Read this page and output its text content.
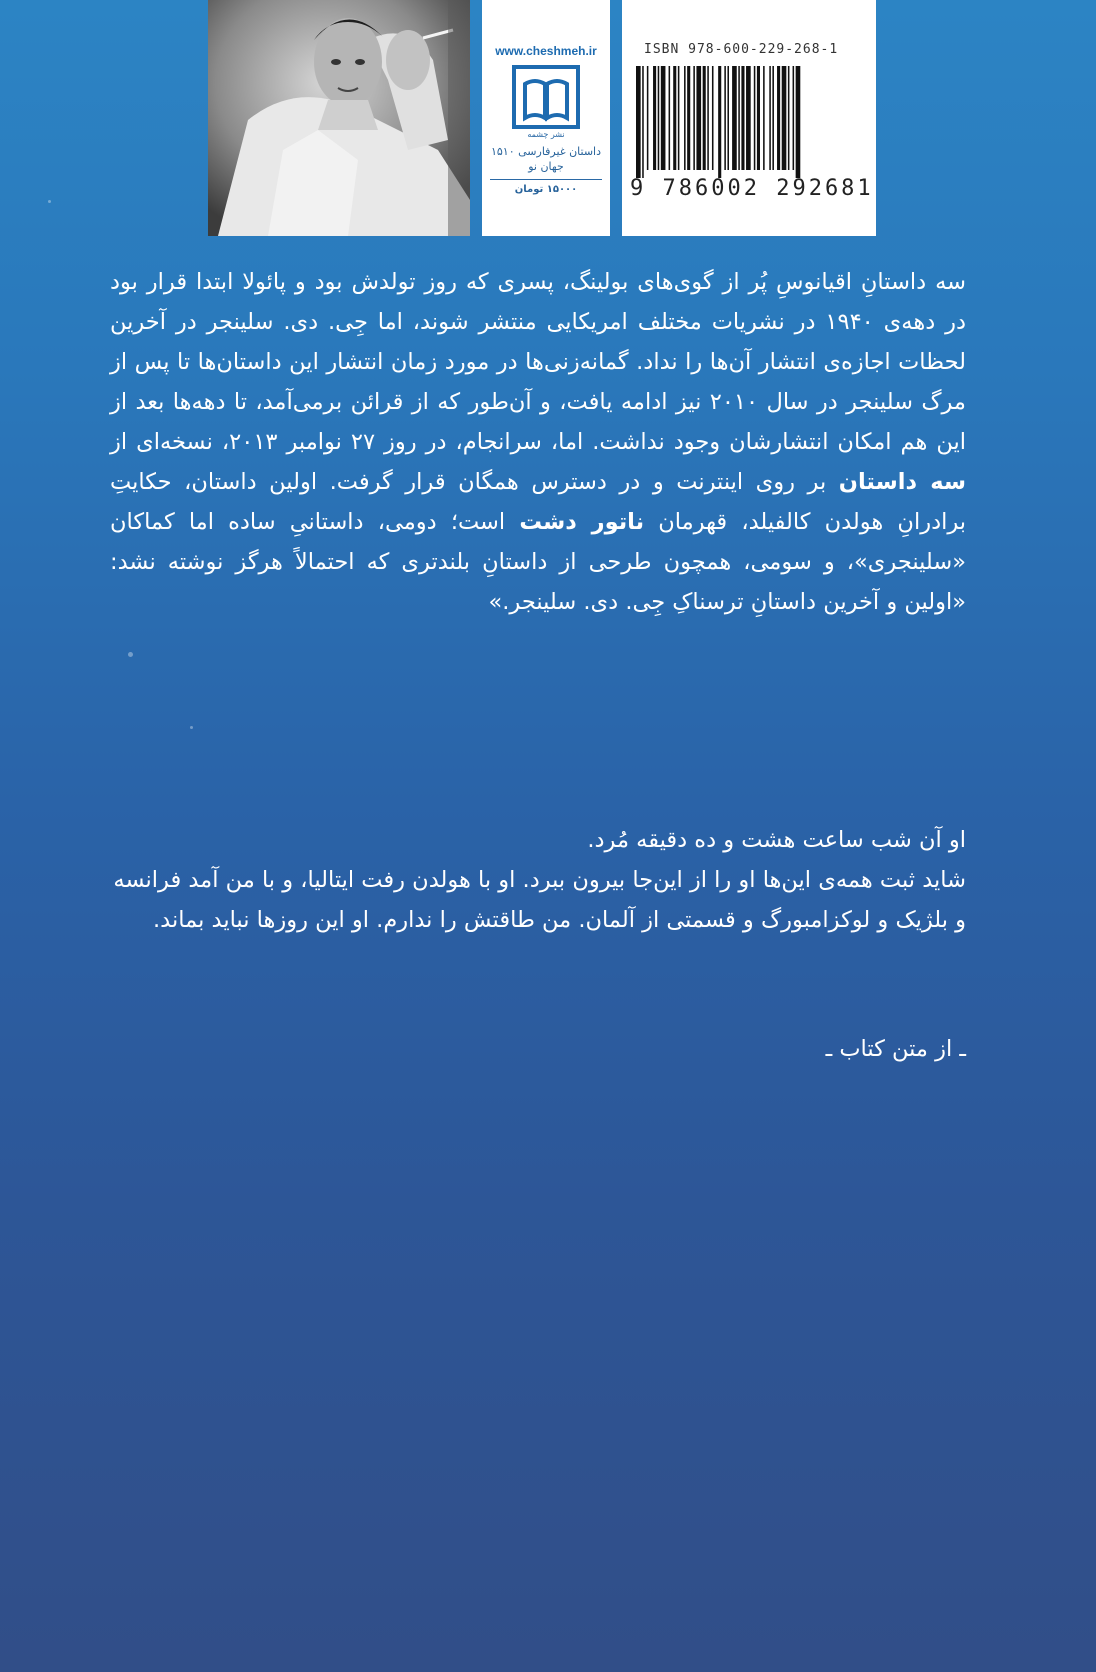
www.cheshmeh.ir
نشر چشمه
داستان غیرفارسی ۱۵۱۰
جهان نو
۱۵۰۰۰ تومان
ISBN 978-600-229-268-1
9 786002 292681
سه داستانِ اقیانوسِ پُر از گوی‌های بولینگ، پسری که روز تولدش بود و پائولا ابتدا قرار بود در دهه‌ی ۱۹۴۰ در نشریات مختلف امریکایی منتشر شوند، اما جِی. دی. سلینجر در آخرین لحظات اجازه‌ی انتشار آن‌ها را نداد. گمانه‌زنی‌ها در مورد زمان انتشار این داستان‌ها تا پس از مرگ سلینجر در سال ۲۰۱۰ نیز ادامه یافت، و آن‌طور که از قرائن برمی‌آمد، تا دهه‌ها بعد از این هم امکان انتشارشان وجود نداشت. اما، سرانجام، در روز ۲۷ نوامبر ۲۰۱۳، نسخه‌ای از سه داستان بر روی اینترنت و در دسترس همگان قرار گرفت. اولین داستان، حکایتِ برادرانِ هولدن کالفیلد، قهرمان ناتور دشت است؛ دومی، داستانیِ ساده اما کماکان «سلینجری»، و سومی، همچون طرحی از داستانِ بلندتری که احتمالاً هرگز نوشته نشد: «اولین و آخرین داستانِ ترسناکِ جِی. دی. سلینجر.»

او آن شب ساعت هشت و ده دقیقه مُرد.

شاید ثبت همه‌ی این‌ها او را از این‌جا بیرون ببرد. او با هولدن رفت ایتالیا، و با من آمد فرانسه و بلژیک و لوکزامبورگ و قسمتی از آلمان. من طاقتش را ندارم. او این روزها نباید بماند.

ـ از متن کتاب ـ
